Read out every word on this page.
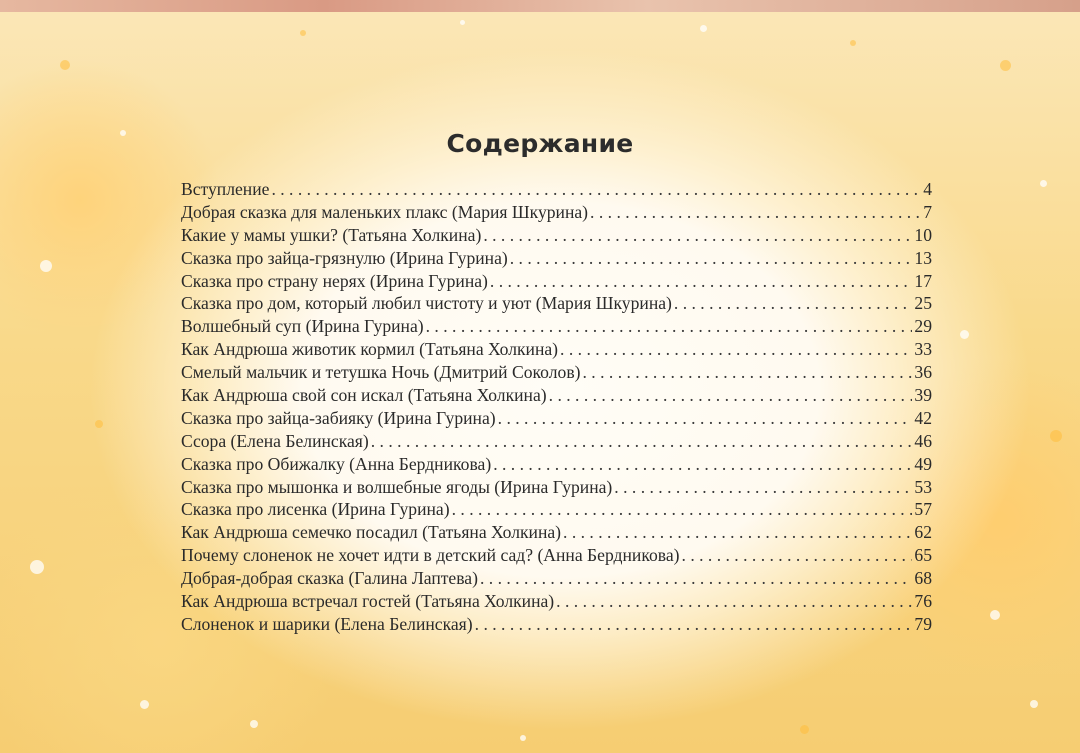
Содержание
Вступление . . .	4
Добрая сказка для маленьких плакс (Мария Шкурина) . . .	7
Какие у мамы ушки? (Татьяна Холкина) . . .	10
Сказка про зайца-грязнулю (Ирина Гурина) . . .	13
Сказка про страну нерях (Ирина Гурина) . . .	17
Сказка про дом, который любил чистоту и уют (Мария Шкурина) . . .	25
Волшебный суп (Ирина Гурина) . . .	29
Как Андрюша животик кормил (Татьяна Холкина) . . .	33
Смелый мальчик и тетушка Ночь (Дмитрий Соколов) . . .	36
Как Андрюша свой сон искал (Татьяна Холкина) . . .	39
Сказка про зайца-забияку (Ирина Гурина) . . .	42
Ссора (Елена Белинская) . . .	46
Сказка про Обижалку (Анна Бердникова) . . .	49
Сказка про мышонка и волшебные ягоды (Ирина Гурина) . . .	53
Сказка про лисенка (Ирина Гурина) . . .	57
Как Андрюша семечко посадил (Татьяна Холкина) . . .	62
Почему слоненок не хочет идти в детский сад? (Анна Бердникова) . . .	65
Добрая-добрая сказка (Галина Лаптева) . . .	68
Как Андрюша встречал гостей (Татьяна Холкина) . . .	76
Слоненок и шарики (Елена Белинская) . . .	79
